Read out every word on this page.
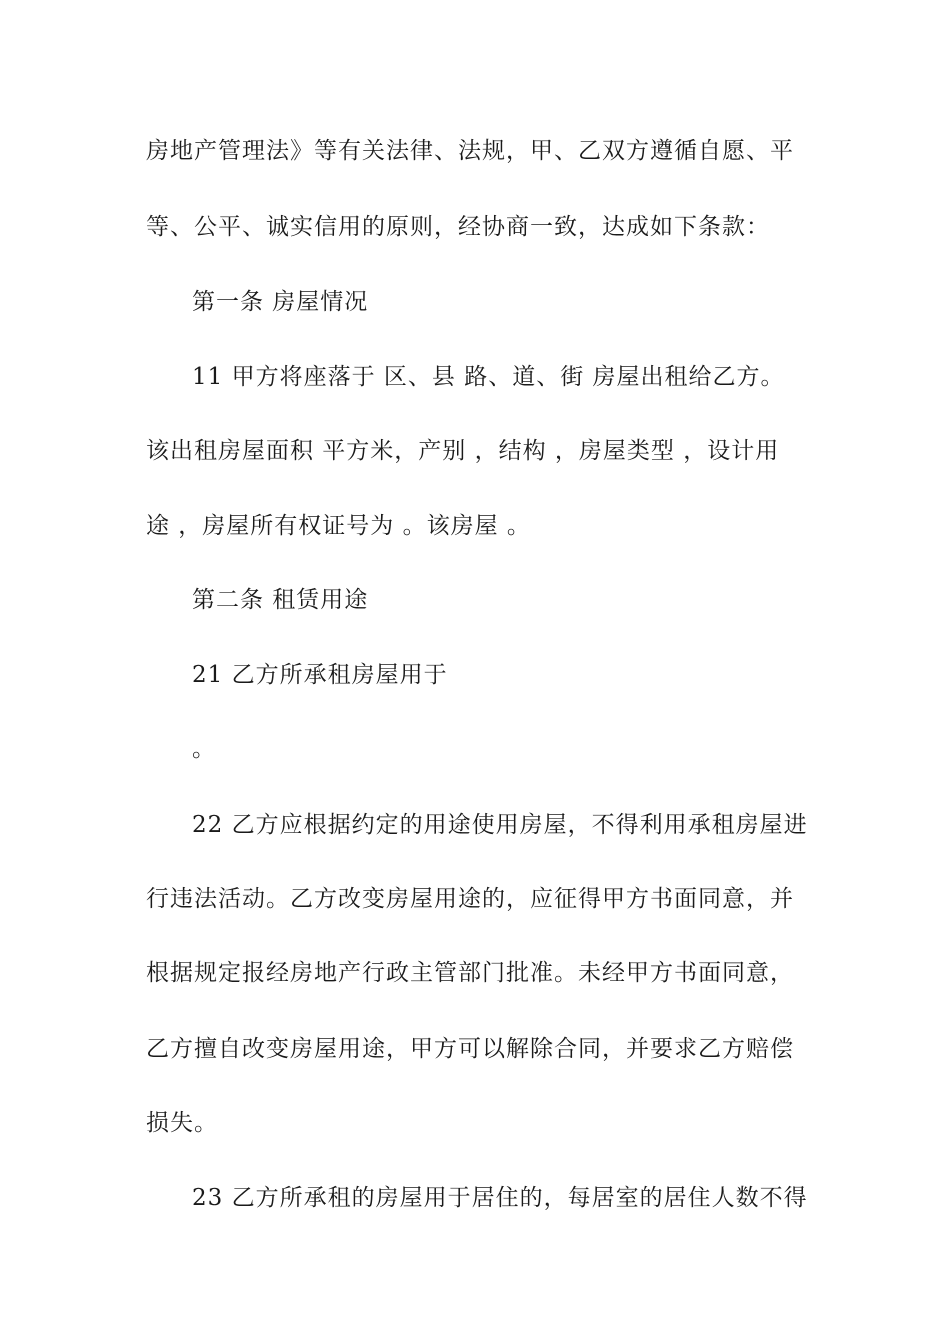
房地产管理法》等有关法律、法规，甲、乙双方遵循自愿、平
等、公平、诚实信用的原则，经协商一致，达成如下条款：
第一条 房屋情况
11 甲方将座落于 区、县 路、道、街 房屋出租给乙方。
该出租房屋面积 平方米，产别 ，结构 ，房屋类型 ，设计用
途 ，房屋所有权证号为 。该房屋 。
第二条 租赁用途
21 乙方所承租房屋用于
。
22 乙方应根据约定的用途使用房屋，不得利用承租房屋进
行违法活动。乙方改变房屋用途的，应征得甲方书面同意，并
根据规定报经房地产行政主管部门批准。未经甲方书面同意，
乙方擅自改变房屋用途，甲方可以解除合同，并要求乙方赔偿
损失。
23 乙方所承租的房屋用于居住的，每居室的居住人数不得
